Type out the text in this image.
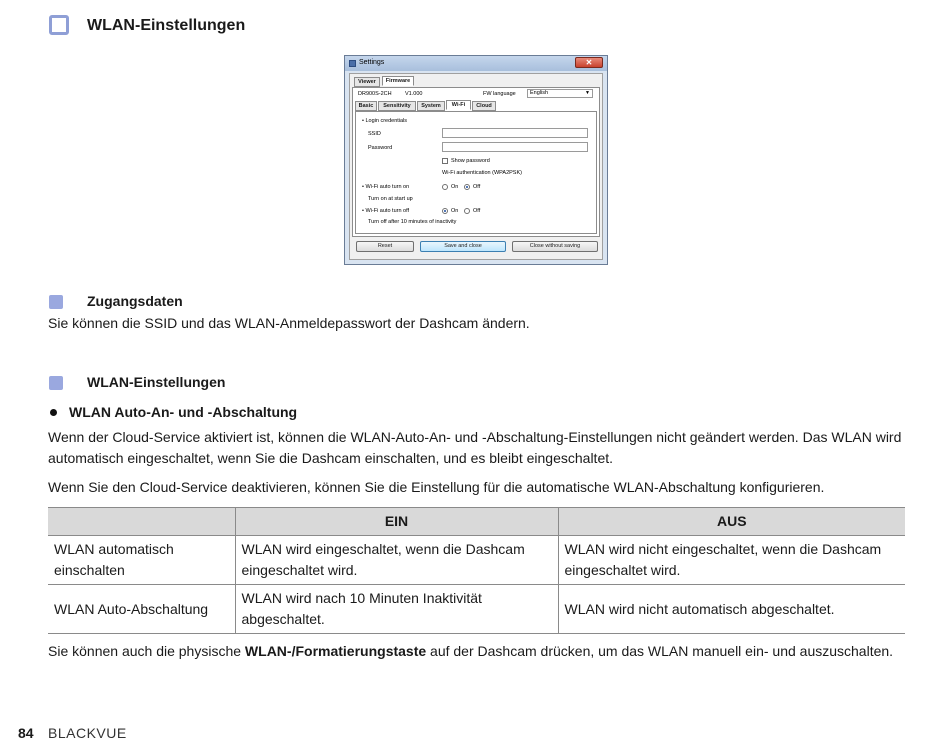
WLAN-Einstellungen
Settings	✕
Viewer	Firmware
DR900S-2CH V1.000	FW language	English	▼
Basic	Sensitivity	System	Wi-Fi	Cloud
• Login credentials
SSID
Password
Show password
Wi-Fi authentication (WPA2PSK)
• Wi-Fi auto turn on	On	Off
Turn on at start up
• Wi-Fi auto turn off	On	Off
Turn off after 10 minutes of inactivity
Reset	Save and close	Close without saving
Zugangsdaten
Sie können die SSID und das WLAN-Anmeldepasswort der Dashcam ändern.
WLAN-Einstellungen
WLAN Auto-An- und -Abschaltung
Wenn der Cloud-Service aktiviert ist, können die WLAN-Auto-An- und -Abschaltung-Einstellungen nicht geändert werden. Das WLAN wird automatisch eingeschaltet, wenn Sie die Dashcam einschalten, und es bleibt eingeschaltet.
Wenn Sie den Cloud-Service deaktivieren, können Sie die Einstellung für die automatische WLAN-Abschaltung konfigurieren.
	EIN	AUS
WLAN automatisch einschalten	WLAN wird eingeschaltet, wenn die Dashcam eingeschaltet wird.	WLAN wird nicht eingeschaltet, wenn die Dashcam eingeschaltet wird.
WLAN Auto-Abschaltung	WLAN wird nach 10 Minuten Inaktivität abgeschaltet.	WLAN wird nicht automatisch abgeschaltet.
Sie können auch die physische WLAN-/Formatierungstaste auf der Dashcam drücken, um das WLAN manuell ein- und auszuschalten.
84 BLACKVUE
